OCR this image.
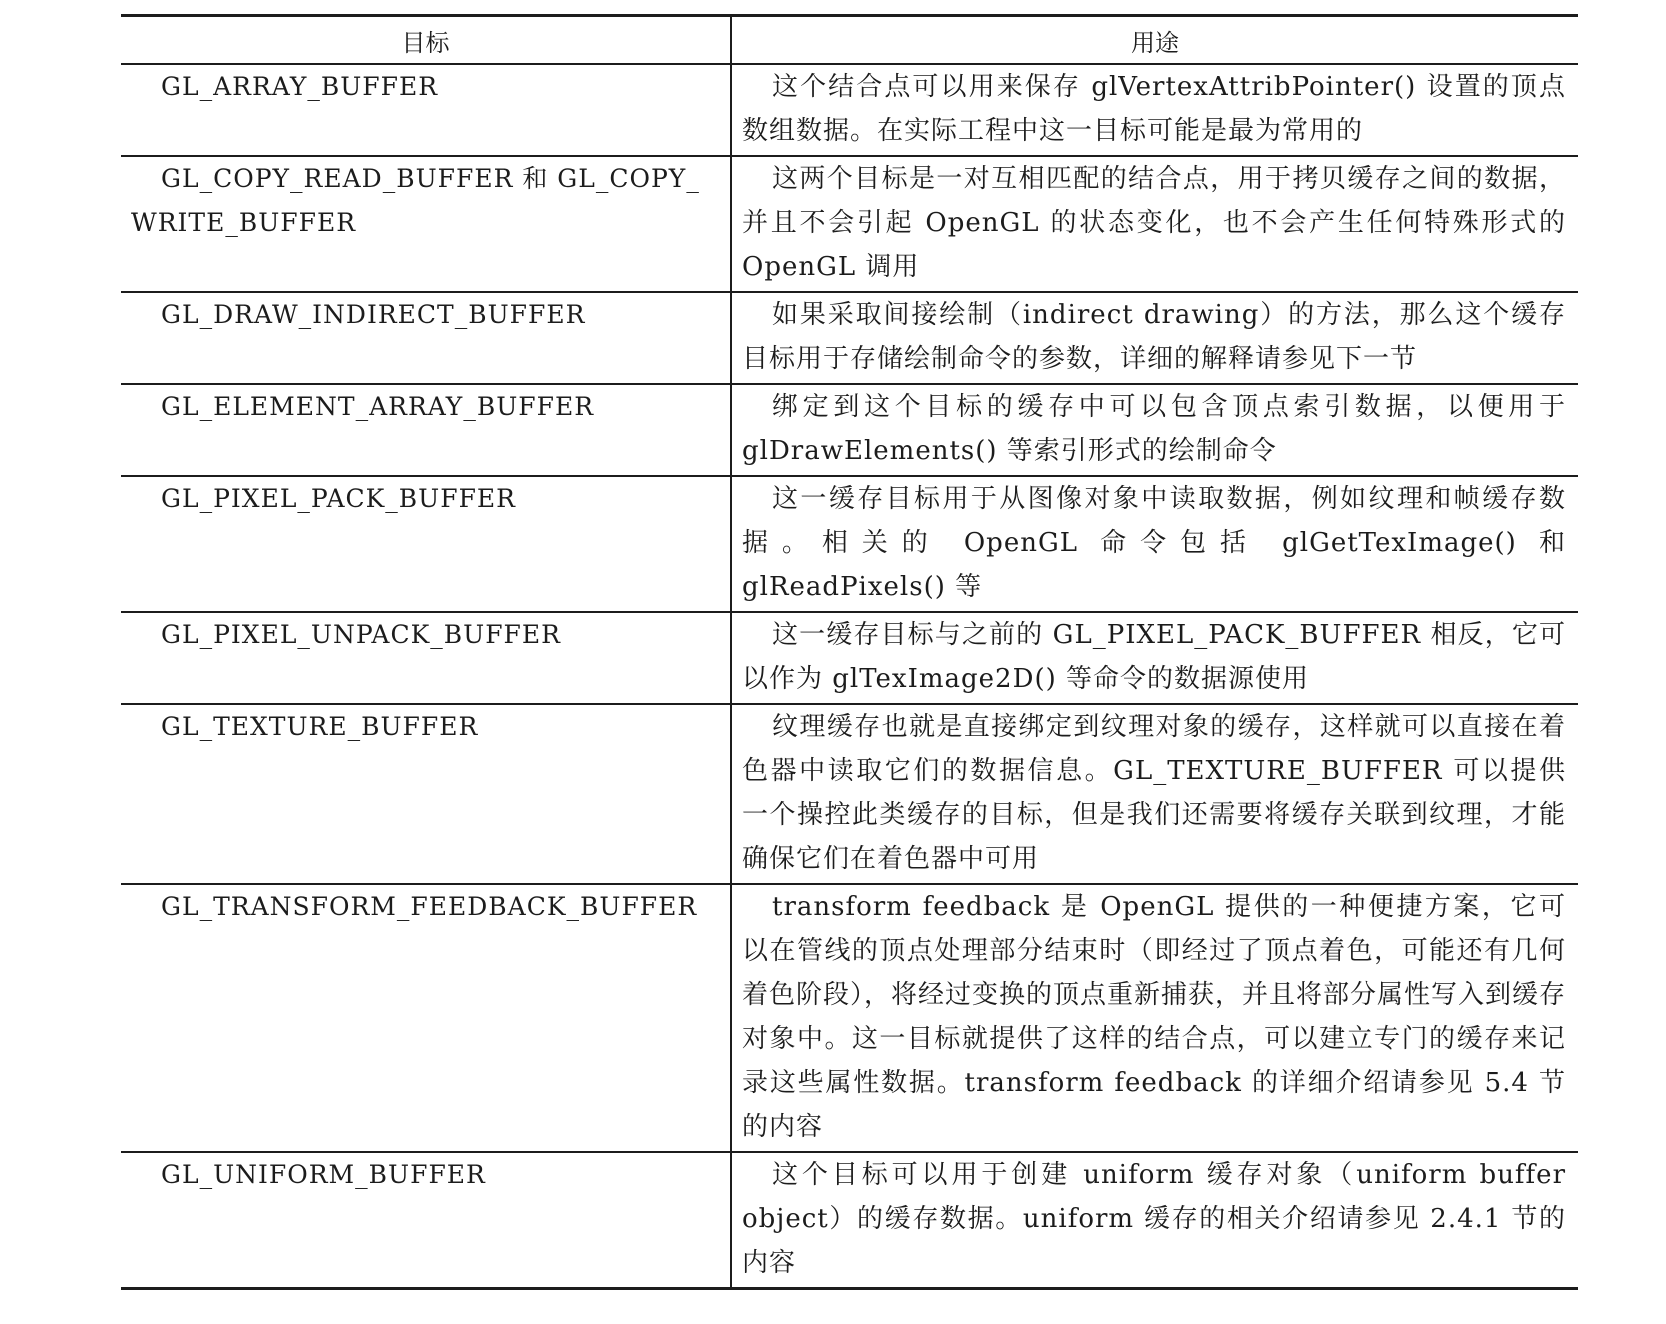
目标	用途
GL_ARRAY_BUFFER	这个结合点可以用来保存 glVertexAttribPointer() 设置的顶点数组数据。在实际工程中这一目标可能是最为常用的
GL_COPY_READ_BUFFER 和 GL_COPY_WRITE_BUFFER	这两个目标是一对互相匹配的结合点，用于拷贝缓存之间的数据，并且不会引起 OpenGL 的状态变化，也不会产生任何特殊形式的 OpenGL 调用
GL_DRAW_INDIRECT_BUFFER	如果采取间接绘制（indirect drawing）的方法，那么这个缓存目标用于存储绘制命令的参数，详细的解释请参见下一节
GL_ELEMENT_ARRAY_BUFFER	绑定到这个目标的缓存中可以包含顶点索引数据，以便用于 glDrawElements() 等索引形式的绘制命令
GL_PIXEL_PACK_BUFFER	这一缓存目标用于从图像对象中读取数据，例如纹理和帧缓存数据。相关的 OpenGL 命令包括 glGetTexImage() 和 glReadPixels() 等
GL_PIXEL_UNPACK_BUFFER	这一缓存目标与之前的 GL_PIXEL_PACK_BUFFER 相反，它可以作为 glTexImage2D() 等命令的数据源使用
GL_TEXTURE_BUFFER	纹理缓存也就是直接绑定到纹理对象的缓存，这样就可以直接在着色器中读取它们的数据信息。GL_TEXTURE_BUFFER 可以提供一个操控此类缓存的目标，但是我们还需要将缓存关联到纹理，才能确保它们在着色器中可用
GL_TRANSFORM_FEEDBACK_BUFFER	transform feedback 是 OpenGL 提供的一种便捷方案，它可以在管线的顶点处理部分结束时（即经过了顶点着色，可能还有几何着色阶段），将经过变换的顶点重新捕获，并且将部分属性写入到缓存对象中。这一目标就提供了这样的结合点，可以建立专门的缓存来记录这些属性数据。transform feedback 的详细介绍请参见 5.4 节的内容
GL_UNIFORM_BUFFER	这个目标可以用于创建 uniform 缓存对象（uniform buffer object）的缓存数据。uniform 缓存的相关介绍请参见 2.4.1 节的内容
